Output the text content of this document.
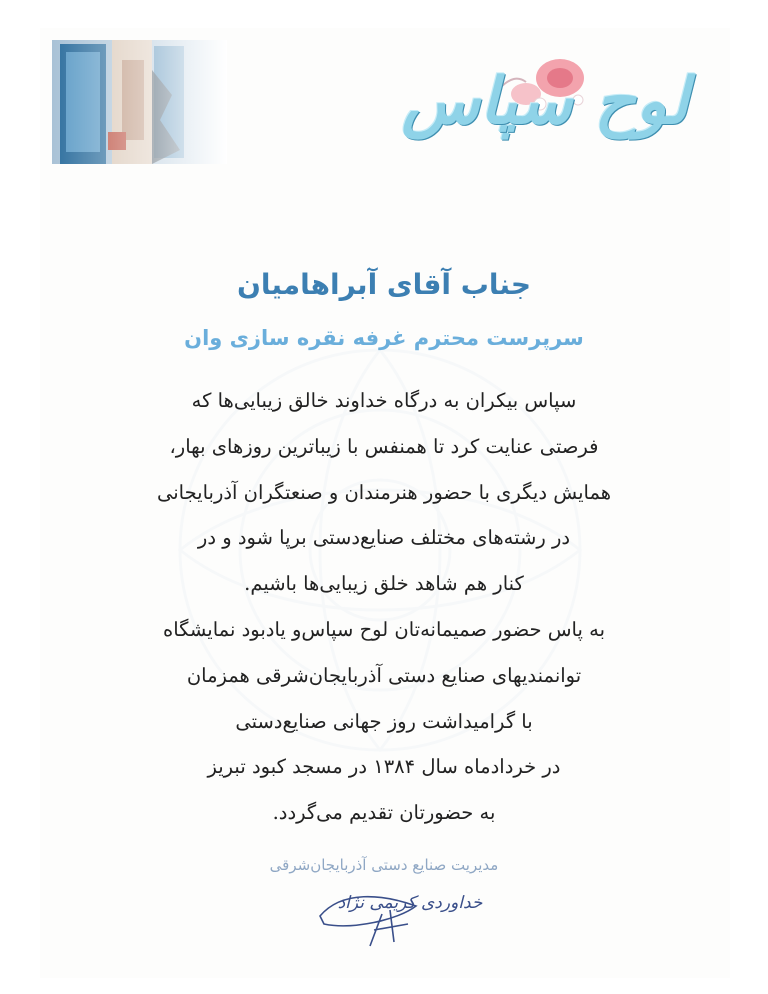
لوح سپاس
جناب آقای آبراهامیان
سرپرست محترم غرفه نقره سازی وان
سپاس بیکران به درگاه خداوند خالق زیبایی‌ها که
فرصتی عنایت کرد تا همنفس با زیباترین روزهای بهار،
همایش دیگری با حضور هنرمندان و صنعتگران آذربایجانی
در رشته‌های مختلف صنایع‌دستی برپا شود و در
کنار هم شاهد خلق زیبایی‌ها باشیم.
به پاس حضور صمیمانه‌تان لوح سپاس‌و یادبود نمایشگاه
توانمندیهای صنایع دستی آذربایجان‌شرقی همزمان
با گرامیداشت روز جهانی صنایع‌دستی
در خردادماه سال ۱۳۸۴ در مسجد کبود تبریز
به حضورتان تقدیم می‌گردد.
مدیریت صنایع دستی آذربایجان‌شرقی
خداوردی کریمی نژاد
